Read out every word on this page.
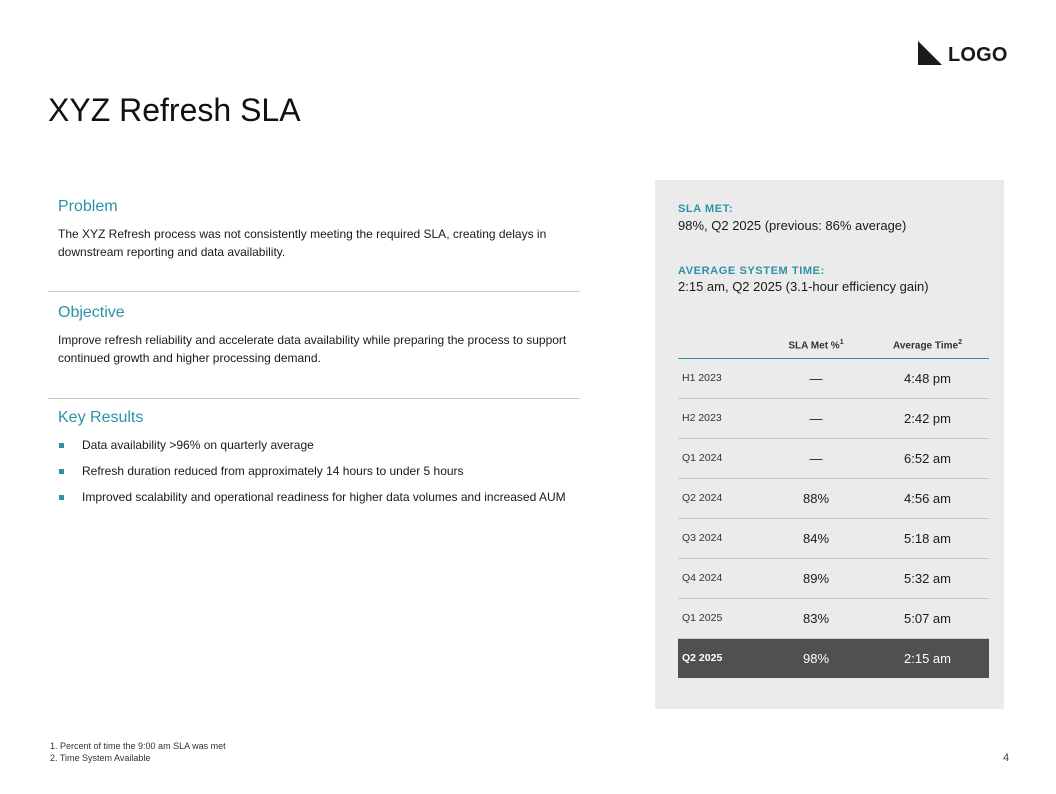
LOGO
XYZ Refresh SLA
Problem

The XYZ Refresh process was not consistently meeting the required SLA, creating delays in downstream reporting and data availability.

Objective

Improve refresh reliability and accelerate data availability while preparing the process to support continued growth and higher processing demand.

Key Results
Data availability >96% on quarterly average
Refresh duration reduced from approximately 14 hours to under 5 hours
Improved scalability and operational readiness for higher data volumes and increased AUM
SLA MET:
98%, Q2 2025 (previous: 86% average)
AVERAGE SYSTEM TIME:
2:15 am, Q2 2025 (3.1-hour efficiency gain)
	SLA Met %$^1$	Average Time$^2$
H1 2023	—	4:48 pm
H2 2023	—	2:42 pm
Q1 2024	—	6:52 am
Q2 2024	88%	4:56 am
Q3 2024	84%	5:18 am
Q4 2024	89%	5:32 am
Q1 2025	83%	5:07 am
Q2 2025	98%	2:15 am
1. Percent of time the 9:00 am SLA was met
2. Time System Available	4
